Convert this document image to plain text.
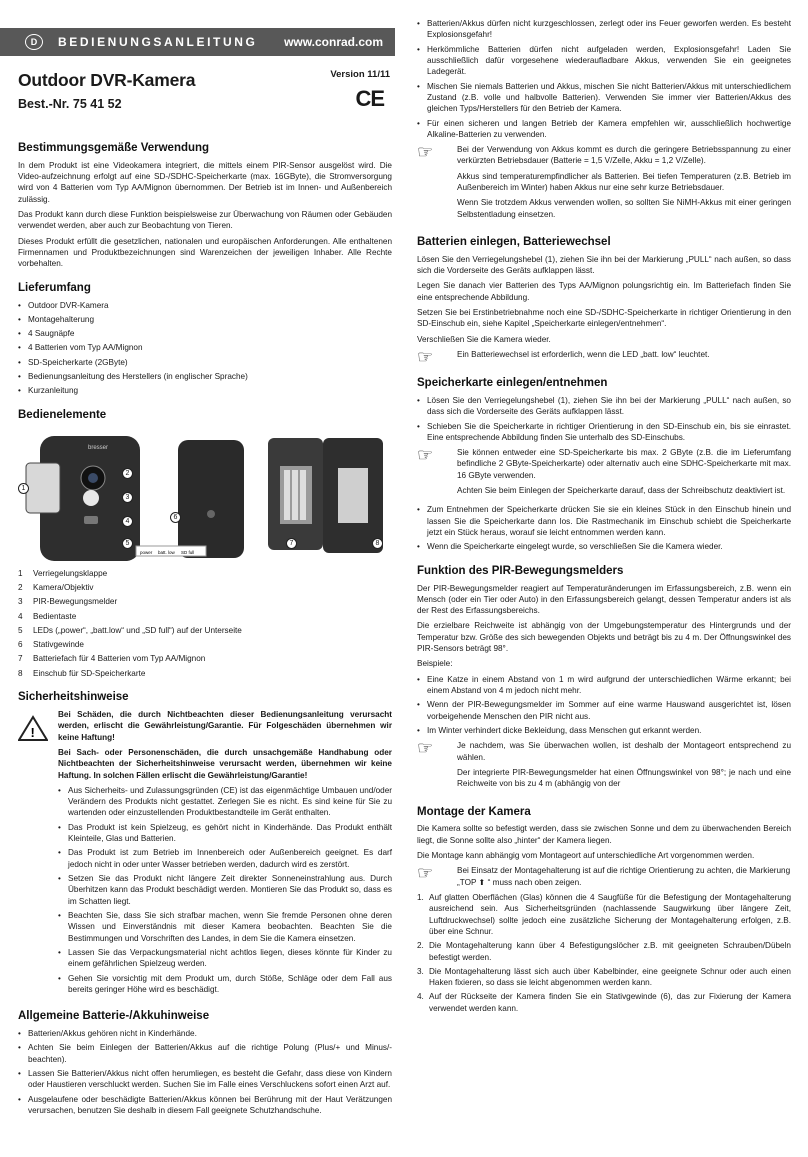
D	BEDIENUNGSANLEITUNG www.conrad.com
Outdoor DVR-Kamera
Best.-Nr. 75 41 52
Version 11/11
CE
Bestimmungsgemäße Verwendung

In dem Produkt ist eine Videokamera integriert, die mittels einem PIR-Sensor ausgelöst wird. Die Video-aufzeichnung erfolgt auf eine SD-/SDHC-Speicherkarte (max. 16GByte), die Stromversorgung wird von 4 Batterien vom Typ AA/Mignon übernommen. Der Betrieb ist im Innen- und Außenbereich zulässig.

Das Produkt kann durch diese Funktion beispielsweise zur Überwachung von Räumen oder Gebäuden verwendet werden, aber auch zur Beobachtung von Tieren.

Dieses Produkt erfüllt die gesetzlichen, nationalen und europäischen Anforderungen. Alle enthaltenen Firmennamen und Produktbezeichnungen sind Warenzeichen der jeweiligen Inhaber. Alle Rechte vorbehalten.

Lieferumfang
• Outdoor DVR-Kamera
• Montagehalterung
• 4 Saugnäpfe
• 4 Batterien vom Typ AA/Mignon
• SD-Speicherkarte (2GByte)
• Bedienungsanleitung des Herstellers (in englischer Sprache)
• Kurzanleitung
Bedienelemente
bresser
power batt. low SD full
1
2
3
4
5
6
7	8
1	Verriegelungsklappe
2	Kamera/Objektiv
3	PIR-Bewegungsmelder
4	Bedientaste
5	LEDs („power“, „batt.low“ und „SD full“) auf der Unterseite
6	Stativgewinde
7	Batteriefach für 4 Batterien vom Typ AA/Mignon
8	Einschub für SD-Speicherkarte
Sicherheitshinweise
!

Bei Schäden, die durch Nichtbeachten dieser Bedienungsanleitung verursacht werden, erlischt die Gewährleistung/Garantie. Für Folgeschäden übernehmen wir keine Haftung!

Bei Sach- oder Personenschäden, die durch unsachgemäße Handhabung oder Nichtbeachten der Sicherheitshinweise verursacht werden, übernehmen wir keine Haftung. In solchen Fällen erlischt die Gewährleistung/Garantie!

• Aus Sicherheits- und Zulassungsgründen (CE) ist das eigenmächtige Umbauen und/oder Verändern des Produkts nicht gestattet. Zerlegen Sie es nicht. Es sind keine für Sie zu wartenden oder einzustellenden Produktbestandteile im Gerät enthalten.
• Das Produkt ist kein Spielzeug, es gehört nicht in Kinderhände. Das Produkt enthält Kleinteile, Glas und Batterien.
• Das Produkt ist zum Betrieb im Innenbereich oder Außenbereich geeignet. Es darf jedoch nicht in oder unter Wasser betrieben werden, dadurch wird es zerstört.
• Setzen Sie das Produkt nicht längere Zeit direkter Sonneneinstrahlung aus. Durch Überhitzen kann das Produkt beschädigt werden. Montieren Sie das Produkt so, dass es im Schatten liegt.
• Beachten Sie, dass Sie sich strafbar machen, wenn Sie fremde Personen ohne deren Wissen und Einverständnis mit dieser Kamera beobachten. Beachten Sie die Bestimmungen und Vorschriften des Landes, in dem Sie die Kamera einsetzen.
• Lassen Sie das Verpackungsmaterial nicht achtlos liegen, dieses könnte für Kinder zu einem gefährlichen Spielzeug werden.
• Gehen Sie vorsichtig mit dem Produkt um, durch Stöße, Schläge oder dem Fall aus bereits geringer Höhe wird es beschädigt.
Allgemeine Batterie-/Akkuhinweise
• Batterien/Akkus gehören nicht in Kinderhände.
• Achten Sie beim Einlegen der Batterien/Akkus auf die richtige Polung (Plus/+ und Minus/- beachten).
• Lassen Sie Batterien/Akkus nicht offen herumliegen, es besteht die Gefahr, dass diese von Kindern oder Haustieren verschluckt werden. Suchen Sie im Falle eines Verschluckens sofort einen Arzt auf.
• Ausgelaufene oder beschädigte Batterien/Akkus können bei Berührung mit der Haut Verätzungen verursachen, benutzen Sie deshalb in diesem Fall geeignete Schutzhandschuhe.
• Batterien/Akkus dürfen nicht kurzgeschlossen, zerlegt oder ins Feuer geworfen werden. Es besteht Explosionsgefahr!
• Herkömmliche Batterien dürfen nicht aufgeladen werden, Explosionsgefahr! Laden Sie ausschließlich dafür vorgesehene wiederaufladbare Akkus, verwenden Sie ein geeignetes Ladegerät.
• Mischen Sie niemals Batterien und Akkus, mischen Sie nicht Batterien/Akkus mit unterschiedlichem Zustand (z.B. volle und halbvolle Batterien). Verwenden Sie immer vier Batterien/Akkus des gleichen Typs/Herstellers für den Betrieb der Kamera.
• Für einen sicheren und langen Betrieb der Kamera empfehlen wir, ausschließlich hochwertige Alkaline-Batterien zu verwenden.
☞	Bei der Verwendung von Akkus kommt es durch die geringere Betriebsspannung zu einer verkürzten Betriebsdauer (Batterie = 1,5 V/Zelle, Akku = 1,2 V/Zelle).

Akkus sind temperaturempfindlicher als Batterien. Bei tiefen Temperaturen (z.B. Betrieb im Außenbereich im Winter) haben Akkus nur eine sehr kurze Betriebsdauer.

Wenn Sie trotzdem Akkus verwenden wollen, so sollten Sie NiMH-Akkus mit einer geringen Selbstentladung einsetzen.

Batterien einlegen, Batteriewechsel

Lösen Sie den Verriegelungshebel (1), ziehen Sie ihn bei der Markierung „PULL“ nach außen, so dass sich die Vorderseite des Geräts aufklappen lässt.

Legen Sie danach vier Batterien des Typs AA/Mignon polungsrichtig ein. Im Batteriefach finden Sie eine entsprechende Abbildung.

Setzen Sie bei Erstinbetriebnahme noch eine SD-/SDHC-Speicherkarte in richtiger Orientierung in den SD-Einschub ein, siehe Kapitel „Speicherkarte einlegen/entnehmen“.

Verschließen Sie die Kamera wieder.

☞	Ein Batteriewechsel ist erforderlich, wenn die LED „batt. low“ leuchtet.
Speicherkarte einlegen/entnehmen
• Lösen Sie den Verriegelungshebel (1), ziehen Sie ihn bei der Markierung „PULL“ nach außen, so dass sich die Vorderseite des Geräts aufklappen lässt.
• Schieben Sie die Speicherkarte in richtiger Orientierung in den SD-Einschub ein, bis sie einrastet. Eine entsprechende Abbildung finden Sie unterhalb des SD-Einschubs.
☞	Sie können entweder eine SD-Speicherkarte bis max. 2 GByte (z.B. die im Lieferumfang befindliche 2 GByte-Speicherkarte) oder alternativ auch eine SDHC-Speicherkarte mit max. 16 GByte verwenden.

Achten Sie beim Einlegen der Speicherkarte darauf, dass der Schreibschutz deaktiviert ist.

• Zum Entnehmen der Speicherkarte drücken Sie sie ein kleines Stück in den Einschub hinein und lassen Sie die Speicherkarte dann los. Die Rastmechanik im Einschub schiebt die Speicherkarte jetzt ein Stück heraus, worauf sie leicht entnommen werden kann.
• Wenn die Speicherkarte eingelegt wurde, so verschließen Sie die Kamera wieder.
Funktion des PIR-Bewegungsmelders

Der PIR-Bewegungsmelder reagiert auf Temperaturänderungen im Erfassungsbereich, z.B. wenn ein Mensch (oder ein Tier oder Auto) in den Erfassungsbereich gelangt, dessen Temperatur anders ist als der Rest des Erfassungsbereichs.

Die erzielbare Reichweite ist abhängig von der Umgebungstemperatur des Hintergrunds und der Temperatur bzw. Größe des sich bewegenden Objekts und beträgt bis zu 4 m. Der Öffnungswinkel des PIR-Sensors beträgt 98°.

Beispiele:

• Eine Katze in einem Abstand von 1 m wird aufgrund der unterschiedlichen Wärme erkannt; bei einem Abstand von 4 m jedoch nicht mehr.
• Wenn der PIR-Bewegungsmelder im Sommer auf eine warme Hauswand ausgerichtet ist, lösen vorbeigehende Menschen den PIR nicht aus.
• Im Winter verhindert dicke Bekleidung, dass Menschen gut erkannt werden.
☞	Je nachdem, was Sie überwachen wollen, ist deshalb der Montageort entsprechend zu wählen.

Der integrierte PIR-Bewegungsmelder hat einen Öffnungswinkel von 98°; je nach und eine Reichweite von bis zu 4 m (abhängig von der

Montage der Kamera

Die Kamera sollte so befestigt werden, dass sie zwischen Sonne und dem zu überwachenden Bereich liegt, die Sonne sollte also „hinter“ der Kamera liegen.

Die Montage kann abhängig vom Montageort auf unterschiedliche Art vorgenommen werden.

☞	Bei Einsatz der Montagehalterung ist auf die richtige Orientierung zu achten, die Markierung „TOP ⬆ “ muss nach oben zeigen.
1. Auf glatten Oberflächen (Glas) können die 4 Saugfüße für die Befestigung der Montagehalterung ausreichend sein. Aus Sicherheitsgründen (nachlassende Saugwirkung über längere Zeit, Luftdruckwechsel) sollte jedoch eine zusätzliche Sicherung der Montagehalterung erfolgen, z.B. über eine Schnur.
2. Die Montagehalterung kann über 4 Befestigungslöcher z.B. mit geeigneten Schrauben/Dübeln befestigt werden.
3. Die Montagehalterung lässt sich auch über Kabelbinder, eine geeignete Schnur oder auch einen Haken fixieren, so dass sie leicht abgenommen werden kann.
4. Auf der Rückseite der Kamera finden Sie ein Stativgewinde (6), das zur Fixierung der Kamera verwendet werden kann.
